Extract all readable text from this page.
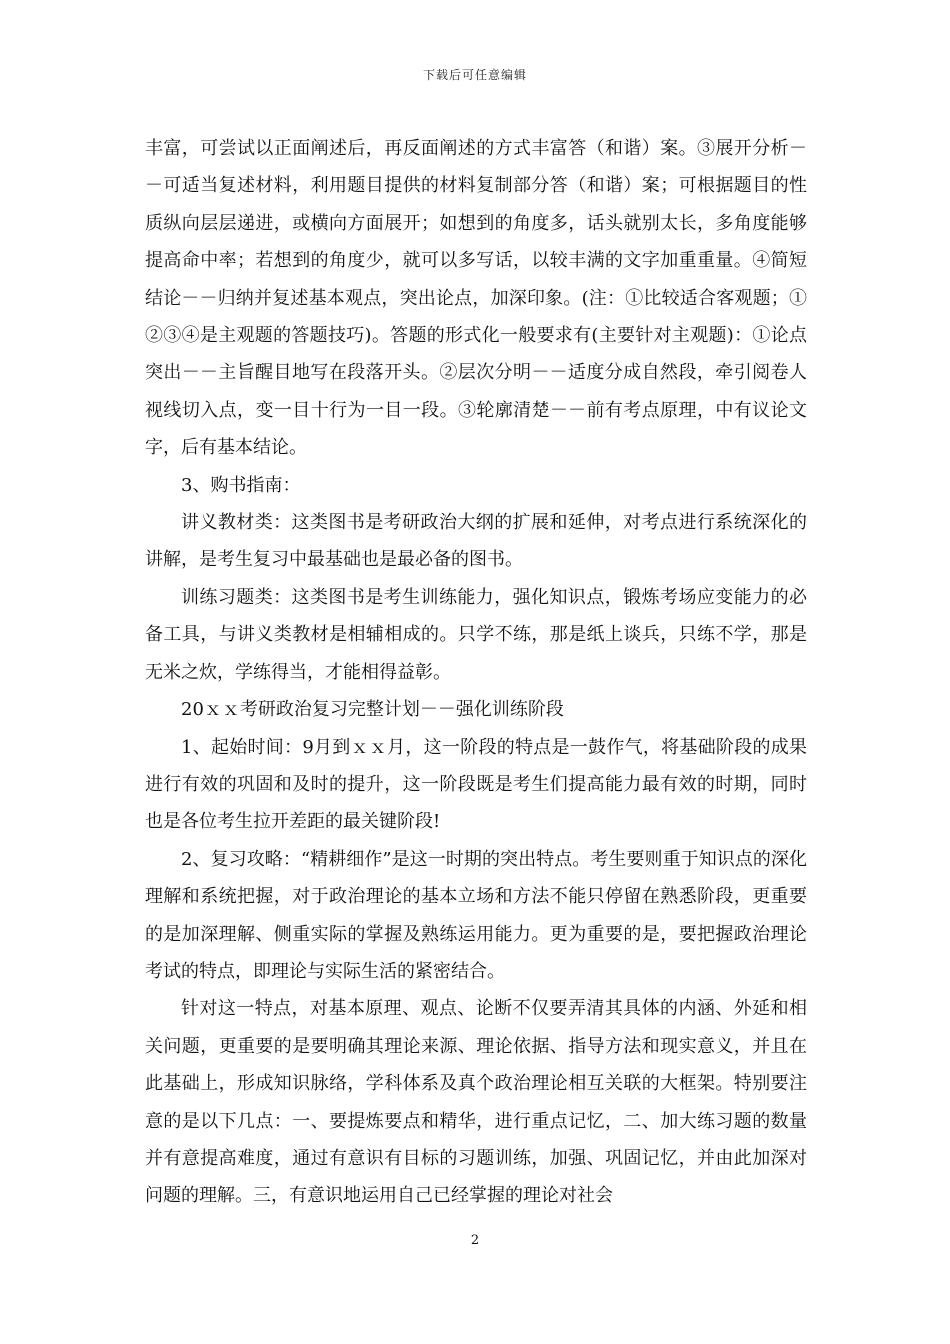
下载后可任意编辑

丰富，可尝试以正面阐述后，再反面阐述的方式丰富答（和谐）案。③展开分析－－可适当复述材料，利用题目提供的材料复制部分答（和谐）案；可根据题目的性质纵向层层递进，或横向方面展开；如想到的角度多，话头就别太长，多角度能够提高命中率；若想到的角度少，就可以多写话，以较丰满的文字加重重量。④简短结论－－归纳并复述基本观点，突出论点，加深印象。(注：①比较适合客观题；①②③④是主观题的答题技巧)。答题的形式化一般要求有(主要针对主观题)：①论点突出－－主旨醒目地写在段落开头。②层次分明－－适度分成自然段，牵引阅卷人视线切入点，变一目十行为一目一段。③轮廓清楚－－前有考点原理，中有议论文字，后有基本结论。

3、购书指南：

讲义教材类：这类图书是考研政治大纲的扩展和延伸，对考点进行系统深化的讲解，是考生复习中最基础也是最必备的图书。

训练习题类：这类图书是考生训练能力，强化知识点，锻炼考场应变能力的必备工具，与讲义类教材是相辅相成的。只学不练，那是纸上谈兵，只练不学，那是无米之炊，学练得当，才能相得益彰。

20ｘｘ考研政治复习完整计划－－强化训练阶段

1、起始时间：9月到ｘｘ月，这一阶段的特点是一鼓作气，将基础阶段的成果进行有效的巩固和及时的提升，这一阶段既是考生们提高能力最有效的时期，同时也是各位考生拉开差距的最关键阶段!

2、复习攻略：“精耕细作”是这一时期的突出特点。考生要则重于知识点的深化理解和系统把握，对于政治理论的基本立场和方法不能只停留在熟悉阶段，更重要的是加深理解、侧重实际的掌握及熟练运用能力。更为重要的是，要把握政治理论考试的特点，即理论与实际生活的紧密结合。

针对这一特点，对基本原理、观点、论断不仅要弄清其具体的内涵、外延和相关问题，更重要的是要明确其理论来源、理论依据、指导方法和现实意义，并且在此基础上，形成知识脉络，学科体系及真个政治理论相互关联的大框架。特别要注意的是以下几点：一、要提炼要点和精华，进行重点记忆，二、加大练习题的数量并有意提高难度，通过有意识有目标的习题训练，加强、巩固记忆，并由此加深对问题的理解。三，有意识地运用自己已经掌握的理论对社会

2
